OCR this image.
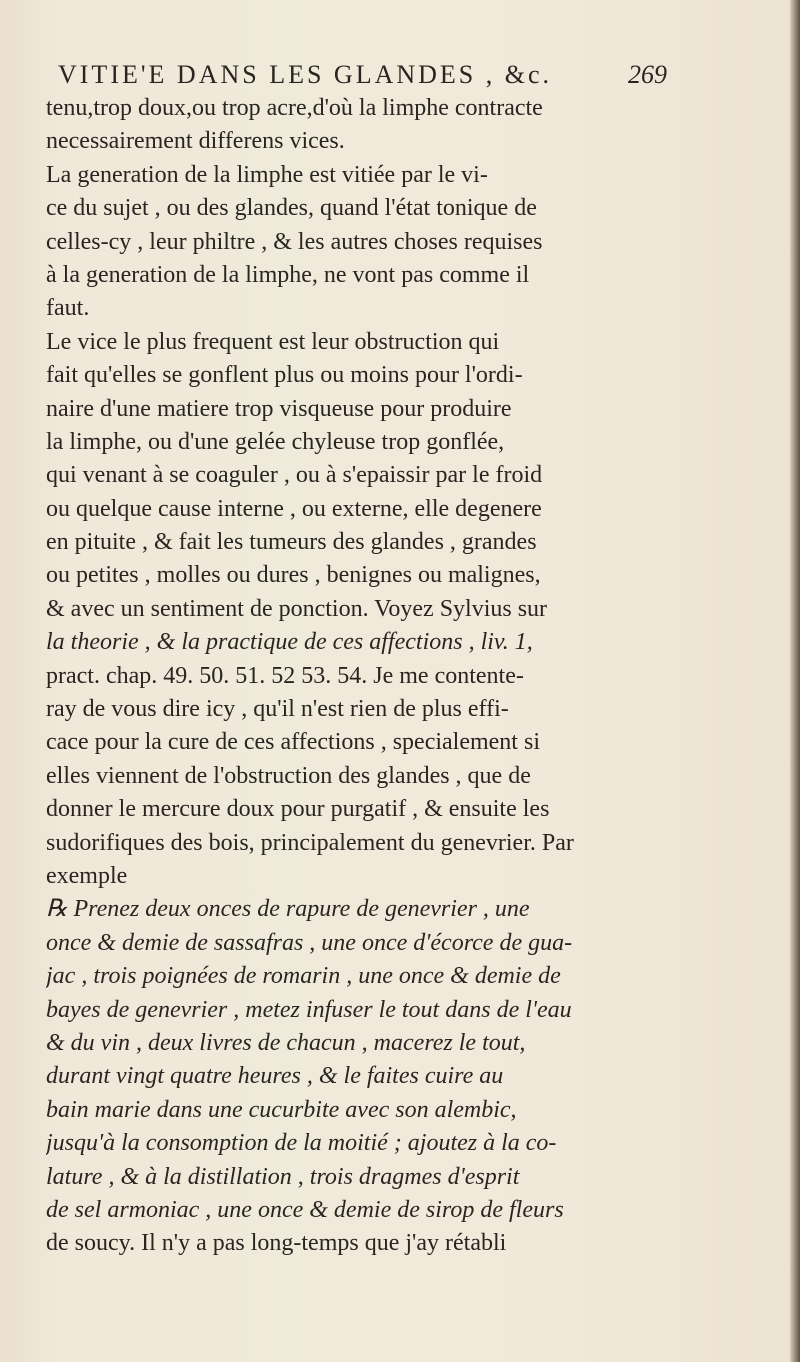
VITIE'E DANS LES GLANDES , &c.	269
tenu,trop doux,ou trop acre,d'où la limphe contracte
necessairement differens vices.
La generation de la limphe est vitiée par le vi-
ce du sujet , ou des glandes, quand l'état tonique de
celles-cy , leur philtre , & les autres choses requises
à la generation de la limphe, ne vont pas comme il
faut.
Le vice le plus frequent est leur obstruction qui
fait qu'elles se gonflent plus ou moins pour l'ordi-
naire d'une matiere trop visqueuse pour produire
la limphe, ou d'une gelée chyleuse trop gonflée,
qui venant à se coaguler , ou à s'epaissir par le froid
ou quelque cause interne , ou externe, elle degenere
en pituite , & fait les tumeurs des glandes , grandes
ou petites , molles ou dures , benignes ou malignes,
& avec un sentiment de ponction. Voyez Sylvius sur
la theorie , & la practique de ces affections , liv. 1,
pract. chap. 49. 50. 51. 52 53. 54. Je me contente-
ray de vous dire icy , qu'il n'est rien de plus effi-
cace pour la cure de ces affections , specialement si
elles viennent de l'obstruction des glandes , que de
donner le mercure doux pour purgatif , & ensuite les
sudorifiques des bois, principalement du genevrier. Par
exemple
℞ Prenez deux onces de rapure de genevrier , une
once & demie de sassafras , une once d'écorce de gua-
jac , trois poignées de romarin , une once & demie de
bayes de genevrier , metez infuser le tout dans de l'eau
& du vin , deux livres de chacun , macerez le tout,
durant vingt quatre heures , & le faites cuire au
bain marie dans une cucurbite avec son alembic,
jusqu'à la consomption de la moitié ; ajoutez à la co-
lature , & à la distillation , trois dragmes d'esprit
de sel armoniac , une once & demie de sirop de fleurs
de soucy. Il n'y a pas long-temps que j'ay rétabli
